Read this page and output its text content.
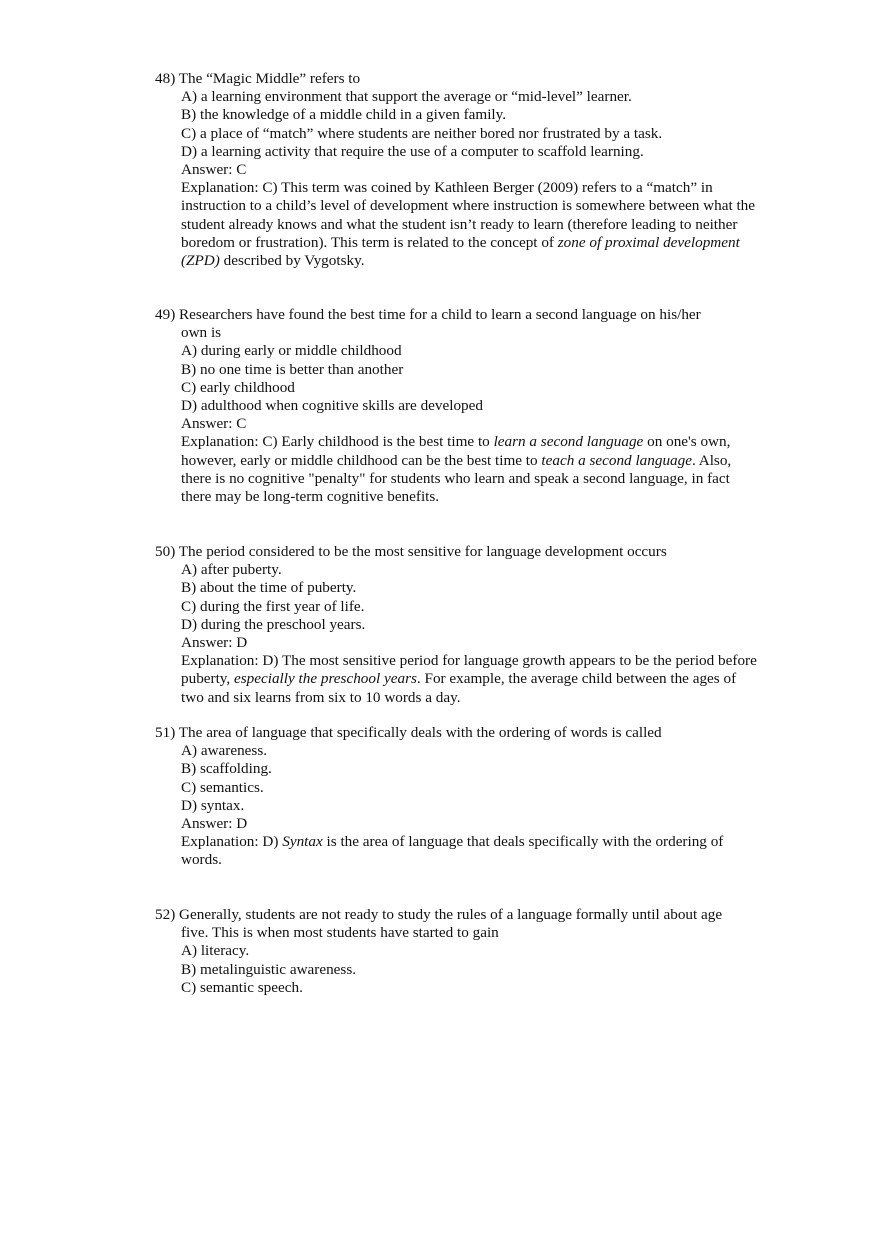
48) The “Magic Middle” refers to
A) a learning environment that support the average or “mid-level” learner.
B) the knowledge of a middle child in a given family.
C) a place of “match” where students are neither bored nor frustrated by a task.
D) a learning activity that require the use of a computer to scaffold learning.
Answer: C
Explanation: C) This term was coined by Kathleen Berger (2009) refers to a “match” in instruction to a child’s level of development where instruction is somewhere between what the student already knows and what the student isn’t ready to learn (therefore leading to neither boredom or frustration). This term is related to the concept of zone of proximal development (ZPD) described by Vygotsky.
49) Researchers have found the best time for a child to learn a second language on his/her
own is
A) during early or middle childhood
B) no one time is better than another
C) early childhood
D) adulthood when cognitive skills are developed
Answer: C
Explanation: C) Early childhood is the best time to learn a second language on one's own, however, early or middle childhood can be the best time to teach a second language. Also, there is no cognitive "penalty" for students who learn and speak a second language, in fact there may be long-term cognitive benefits.
50) The period considered to be the most sensitive for language development occurs
A) after puberty.
B) about the time of puberty.
C) during the first year of life.
D) during the preschool years.
Answer: D
Explanation: D) The most sensitive period for language growth appears to be the period before puberty, especially the preschool years. For example, the average child between the ages of two and six learns from six to 10 words a day.
51) The area of language that specifically deals with the ordering of words is called
A) awareness.
B) scaffolding.
C) semantics.
D) syntax.
Answer: D
Explanation: D) Syntax is the area of language that deals specifically with the ordering of words.
52) Generally, students are not ready to study the rules of a language formally until about age
five. This is when most students have started to gain
A) literacy.
B) metalinguistic awareness.
C) semantic speech.
